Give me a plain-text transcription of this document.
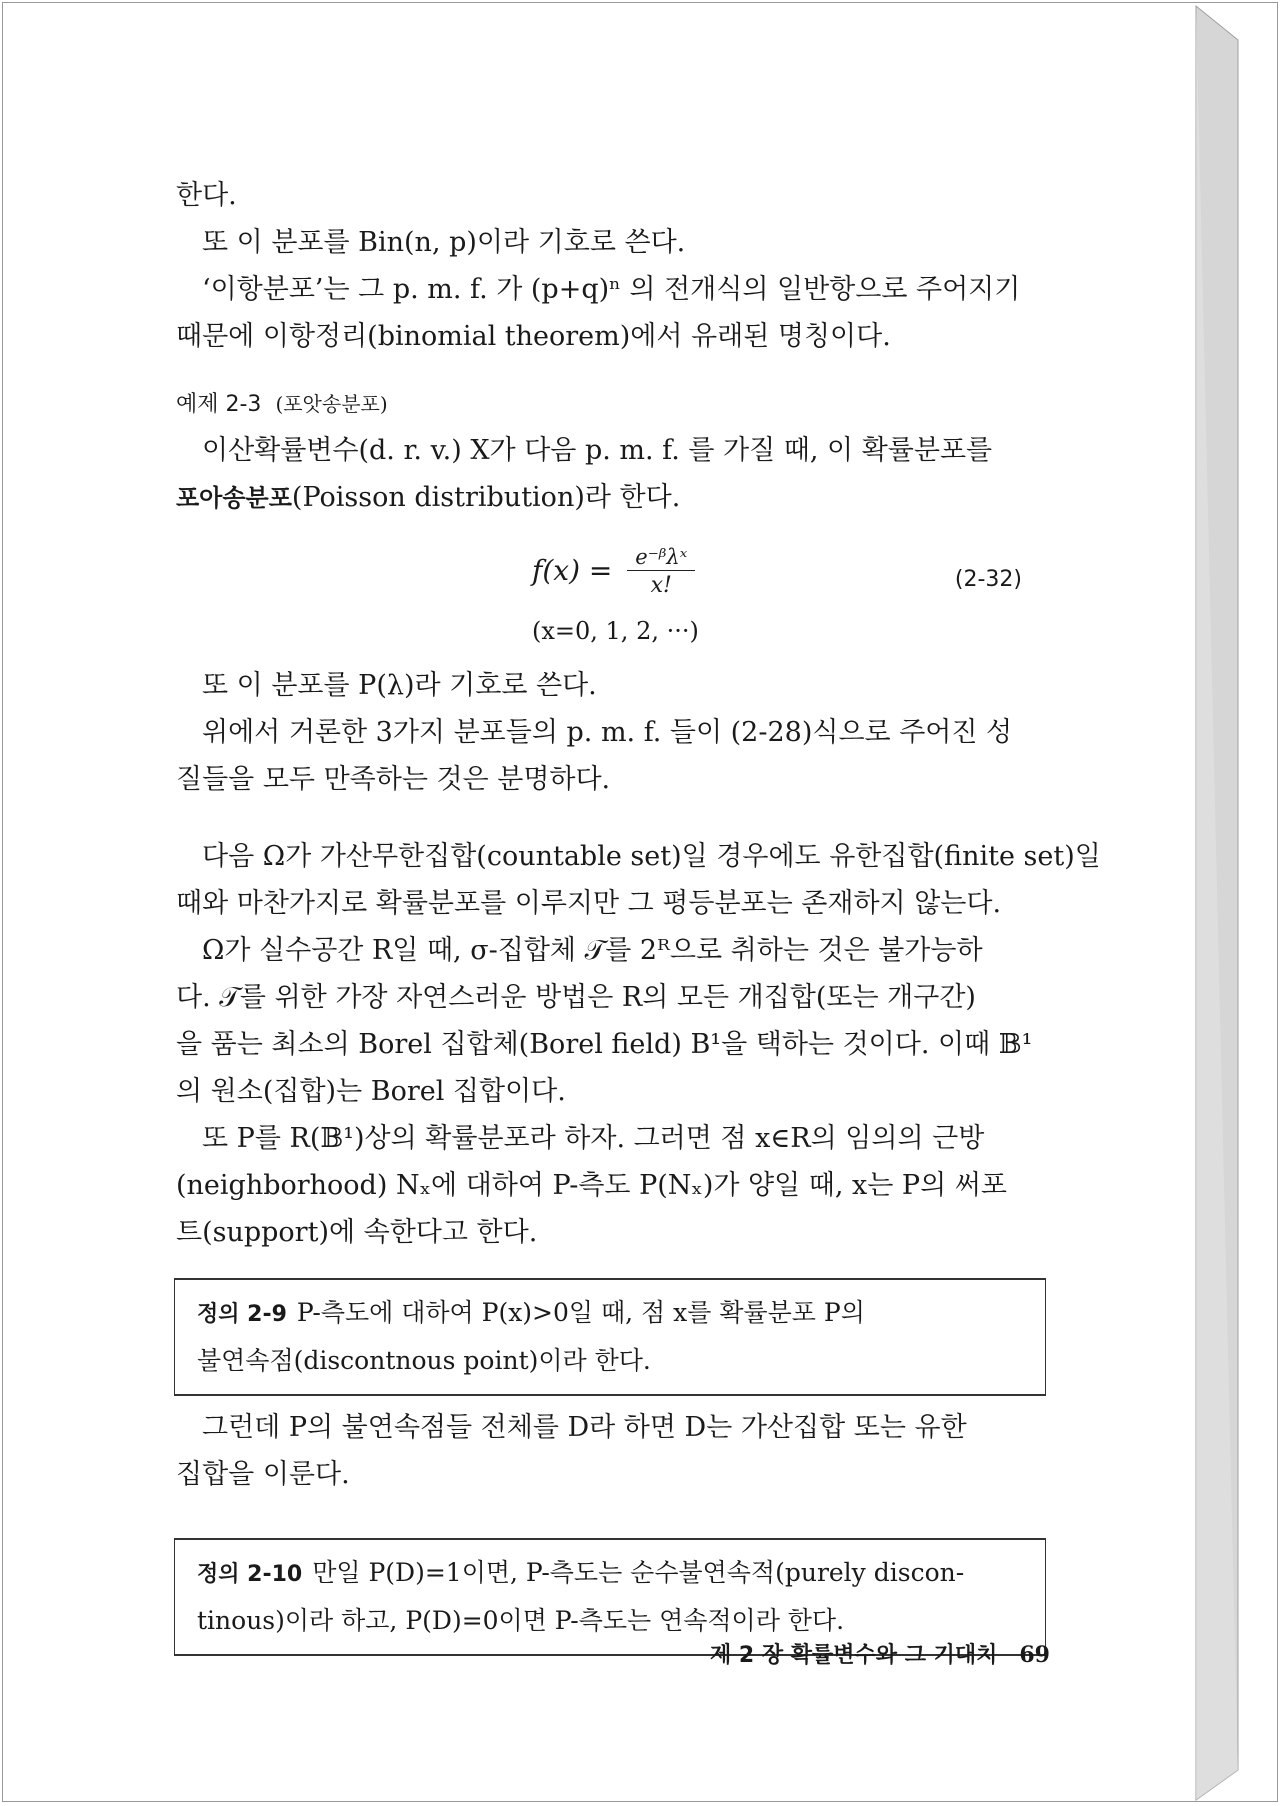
한다.
또 이 분포를 Bin(n, p)이라 기호로 쓴다.
‘이항분포’는 그 p. m. f. 가 (p+q)ⁿ 의 전개식의 일반항으로 주어지기
때문에 이항정리(binomial theorem)에서 유래된 명칭이다.
예제 2-3 (포앗송분포)
이산확률변수(d. r. v.) X가 다음 p. m. f. 를 가질 때, 이 확률분포를
포아송분포(Poisson distribution)라 한다.
$f(x) = \frac{\text{e⁻ᵝλˣ}}{x!}$	(2-32)
(x=0, 1, 2, ···)
또 이 분포를 P(λ)라 기호로 쓴다.
위에서 거론한 3가지 분포들의 p. m. f. 들이 (2-28)식으로 주어진 성
질들을 모두 만족하는 것은 분명하다.
다음 Ω가 가산무한집합(countable set)일 경우에도 유한집합(finite set)일
때와 마찬가지로 확률분포를 이루지만 그 평등분포는 존재하지 않는다.
Ω가 실수공간 R일 때, σ-집합체 𝒯를 2ᴿ으로 취하는 것은 불가능하
다. 𝒯를 위한 가장 자연스러운 방법은 R의 모든 개집합(또는 개구간)
을 품는 최소의 Borel 집합체(Borel field) B¹을 택하는 것이다. 이때 𝔹¹
의 원소(집합)는 Borel 집합이다.
또 P를 R(𝔹¹)상의 확률분포라 하자. 그러면 점 x∈R의 임의의 근방
(neighborhood) Nₓ에 대하여 P-측도 P(Nₓ)가 양일 때, x는 P의 써포
트(support)에 속한다고 한다.
정의 2-9 P-측도에 대하여 P(x)>0일 때, 점 x를 확률분포 P의
불연속점(discontnous point)이라 한다.
그런데 P의 불연속점들 전체를 D라 하면 D는 가산집합 또는 유한
집합을 이룬다.
정의 2-10 만일 P(D)=1이면, P-측도는 순수불연속적(purely discon-
tinous)이라 하고, P(D)=0이면 P-측도는 연속적이라 한다.
제 2 장 확률변수와 그 기대치 69
